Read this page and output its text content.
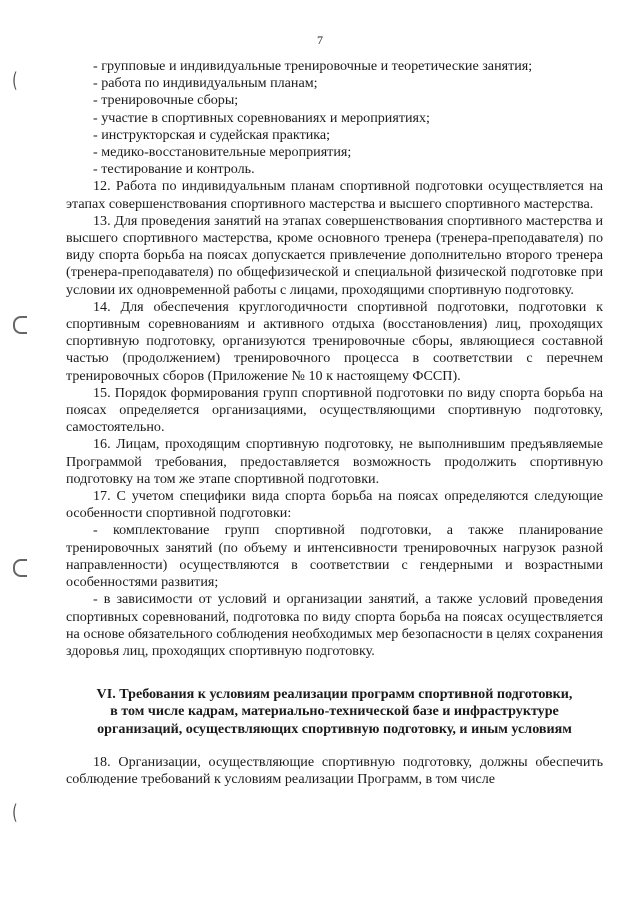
7
(
(
- групповые и индивидуальные тренировочные и теоретические занятия;
- работа по индивидуальным планам;
- тренировочные сборы;
- участие в спортивных соревнованиях и мероприятиях;
- инструкторская и судейская практика;
- медико-восстановительные мероприятия;
- тестирование и контроль.

12. Работа по индивидуальным планам спортивной подготовки осуществляется на этапах совершенствования спортивного мастерства и высшего спортивного мастерства.

13. Для проведения занятий на этапах совершенствования спортивного мастерства и высшего спортивного мастерства, кроме основного тренера (тренера-преподавателя) по виду спорта борьба на поясах допускается привлечение дополнительно второго тренера (тренера-преподавателя) по общефизической и специальной физической подготовке при условии их одновременной работы с лицами, проходящими спортивную подготовку.

14. Для обеспечения круглогодичности спортивной подготовки, подготовки к спортивным соревнованиям и активного отдыха (восстановления) лиц, проходящих спортивную подготовку, организуются тренировочные сборы, являющиеся составной частью (продолжением) тренировочного процесса в соответствии с перечнем тренировочных сборов (Приложение № 10 к настоящему ФССП).

15. Порядок формирования групп спортивной подготовки по виду спорта борьба на поясах определяется организациями, осуществляющими спортивную подготовку, самостоятельно.

16. Лицам, проходящим спортивную подготовку, не выполнившим предъявляемые Программой требования, предоставляется возможность продолжить спортивную подготовку на том же этапе спортивной подготовки.

17. С учетом специфики вида спорта борьба на поясах определяются следующие особенности спортивной подготовки:

- комплектование групп спортивной подготовки, а также планирование тренировочных занятий (по объему и интенсивности тренировочных нагрузок разной направленности) осуществляются в соответствии с гендерными и возрастными особенностями развития;

- в зависимости от условий и организации занятий, а также условий проведения спортивных соревнований, подготовка по виду спорта борьба на поясах осуществляется на основе обязательного соблюдения необходимых мер безопасности в целях сохранения здоровья лиц, проходящих спортивную подготовку.

VI. Требования к условиям реализации программ спортивной подготовки,
в том числе кадрам, материально-технической базе и инфраструктуре
организаций, осуществляющих спортивную подготовку, и иным условиям

18. Организации, осуществляющие спортивную подготовку, должны обеспечить соблюдение требований к условиям реализации Программ, в том числе
